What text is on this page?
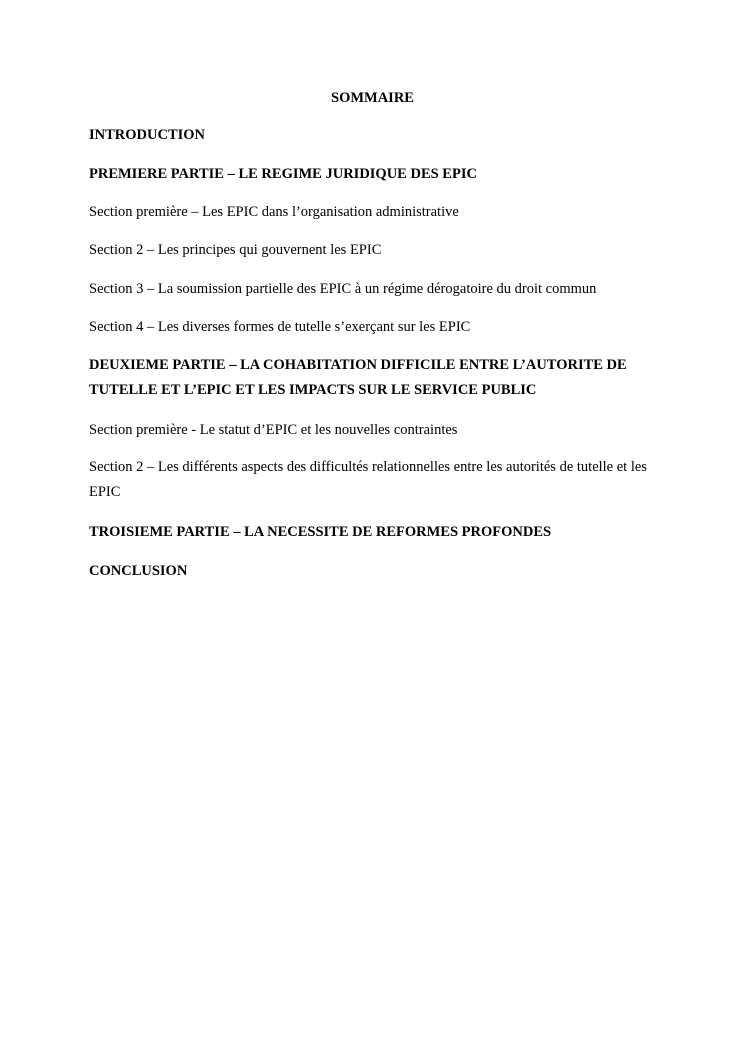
SOMMAIRE
INTRODUCTION
PREMIERE PARTIE – LE REGIME JURIDIQUE DES EPIC
Section première – Les EPIC dans l’organisation administrative
Section 2 – Les principes qui gouvernent les EPIC
Section 3 – La soumission partielle des EPIC à un régime dérogatoire du droit commun
Section 4 – Les diverses formes de tutelle s’exerçant sur les EPIC
DEUXIEME PARTIE – LA COHABITATION DIFFICILE ENTRE L’AUTORITE DE TUTELLE ET L’EPIC ET LES IMPACTS SUR LE SERVICE PUBLIC
Section première - Le statut d’EPIC et les nouvelles contraintes
Section 2 – Les différents aspects des difficultés relationnelles entre les autorités de tutelle et les EPIC
TROISIEME PARTIE – LA NECESSITE DE REFORMES PROFONDES
CONCLUSION
